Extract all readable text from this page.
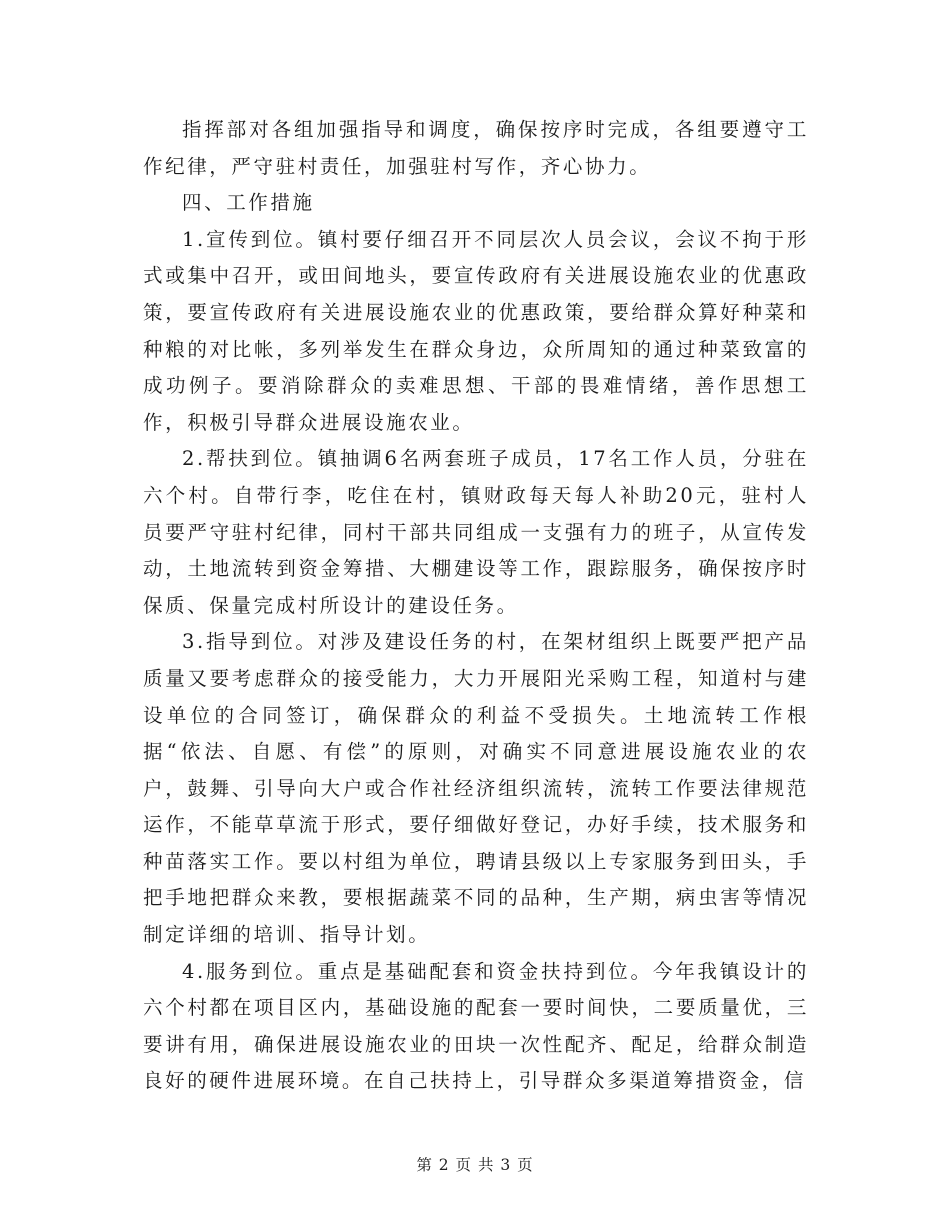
指挥部对各组加强指导和调度，确保按序时完成，各组要遵守工作纪律，严守驻村责任，加强驻村写作，齐心协力。

四、工作措施

1.宣传到位。镇村要仔细召开不同层次人员会议，会议不拘于形式或集中召开，或田间地头，要宣传政府有关进展设施农业的优惠政策，要宣传政府有关进展设施农业的优惠政策，要给群众算好种菜和种粮的对比帐，多列举发生在群众身边，众所周知的通过种菜致富的成功例子。要消除群众的卖难思想、干部的畏难情绪，善作思想工作，积极引导群众进展设施农业。

2.帮扶到位。镇抽调6名两套班子成员，17名工作人员，分驻在六个村。自带行李，吃住在村，镇财政每天每人补助20元，驻村人员要严守驻村纪律，同村干部共同组成一支强有力的班子，从宣传发动，土地流转到资金筹措、大棚建设等工作，跟踪服务，确保按序时保质、保量完成村所设计的建设任务。

3.指导到位。对涉及建设任务的村，在架材组织上既要严把产品质量又要考虑群众的接受能力，大力开展阳光采购工程，知道村与建设单位的合同签订，确保群众的利益不受损失。土地流转工作根据“依法、自愿、有偿”的原则，对确实不同意进展设施农业的农户，鼓舞、引导向大户或合作社经济组织流转，流转工作要法律规范运作，不能草草流于形式，要仔细做好登记，办好手续，技术服务和种苗落实工作。要以村组为单位，聘请县级以上专家服务到田头，手把手地把群众来教，要根据蔬菜不同的品种，生产期，病虫害等情况制定详细的培训、指导计划。

4.服务到位。重点是基础配套和资金扶持到位。今年我镇设计的六个村都在项目区内，基础设施的配套一要时间快，二要质量优，三要讲有用，确保进展设施农业的田块一次性配齐、配足，给群众制造良好的硬件进展环境。在自己扶持上，引导群众多渠道筹措资金，信

第 2 页 共 3 页
